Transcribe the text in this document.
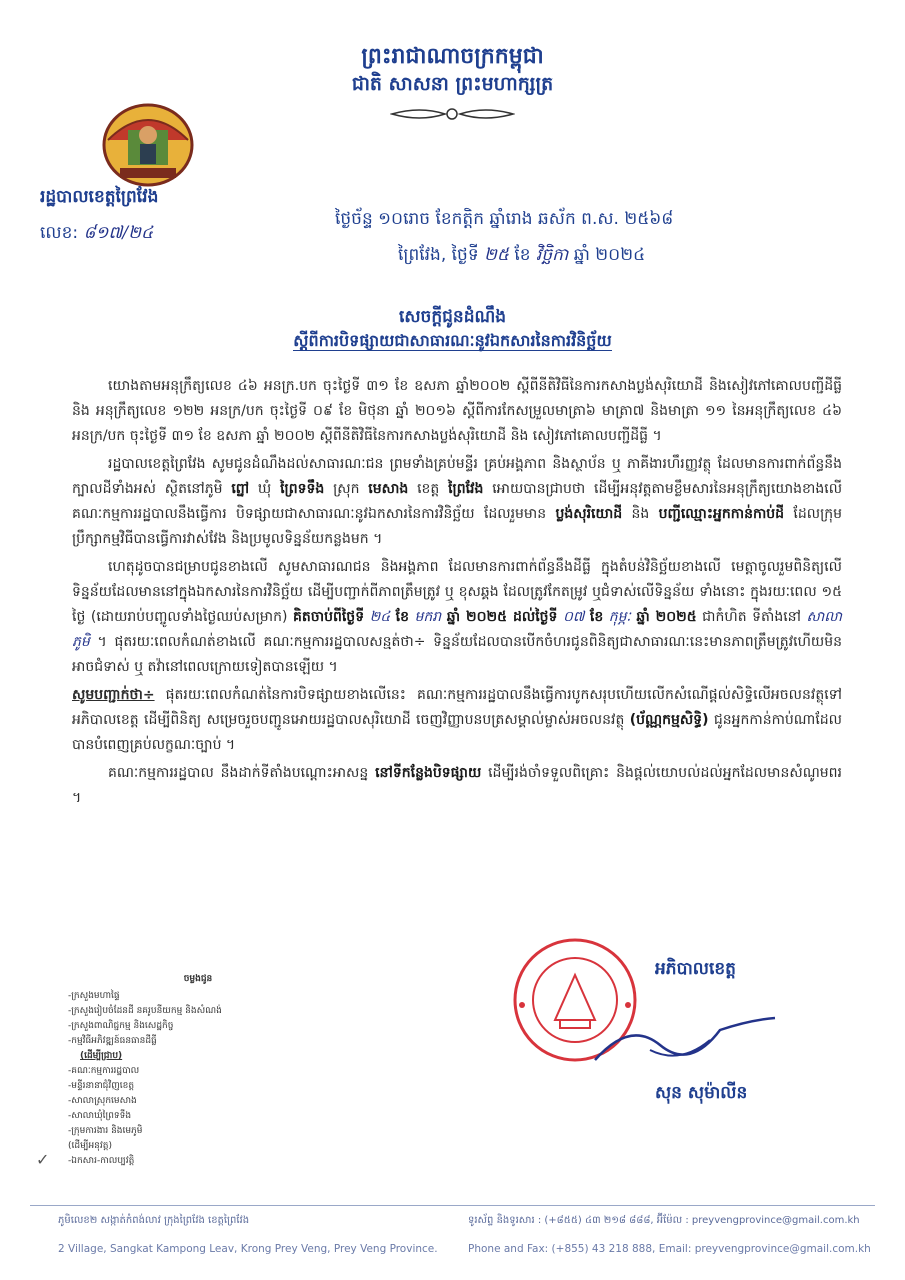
ព្រះរាជាណាចក្រកម្ពុជា
ជាតិ សាសនា ព្រះមហាក្សត្រ
រដ្ឋបាលខេត្តព្រៃវែង
លេខ: ៨១៧/២៤
ថ្ងៃច័ន្ទ ១០រោច ខែកត្តិក ឆ្នាំរោង ឆស័ក ព.ស. ២៥៦៨
ព្រៃវែង, ថ្ងៃទី ២៥ ខែ វិច្ឆិកា ឆ្នាំ ២០២៤
សេចក្តីជូនដំណឹង
ស្តីពីការបិទផ្សាយជាសាធារណៈនូវឯកសារនៃការវិនិច្ឆ័យ

យោងតាមអនុក្រឹត្យលេខ ៤៦ អនក្រ.បក ចុះថ្ងៃទី ៣១ ខែ ឧសភា ឆ្នាំ២០០២ ស្តីពីនីតិវិធីនៃការកសាងប្លង់សុរិយោដី និងសៀវភៅគោលបញ្ជីដីធ្លី និង អនុក្រឹត្យលេខ ១២២ អនក្រ/បក ចុះថ្ងៃទី ០៩ ខែ មិថុនា ឆ្នាំ ២០១៦ ស្តីពីការកែសម្រួលមាត្រា៦ មាត្រា៧ និងមាត្រា ១១ នៃអនុក្រឹត្យលេខ ៤៦ អនក្រ/បក ចុះថ្ងៃទី ៣១ ខែ ឧសភា ឆ្នាំ ២០០២ ស្តីពីនីតិវិធីនៃការកសាងប្លង់សុរិយោដី និង សៀវភៅគោលបញ្ជីដីធ្លី ។

រដ្ឋបាលខេត្តព្រៃវែង សូមជូនដំណឹងដល់សាធារណៈជន ព្រមទាំងគ្រប់មន្ទីរ គ្រប់អង្គភាព និងស្ថាប័ន ឬ ភាគីងារហឹរញ្ញវត្ថុ ដែលមានការពាក់ព័ន្ធនឹងក្បាលដីទាំងអស់ ស្ថិតនៅភូមិ ព្នៅ ឃុំ ព្រៃទទឹង ស្រុក មេសាង ខេត្ត ព្រៃវែង អោយបានជ្រាបថា ដើម្បីអនុវត្តតាមខ្លឹមសារនៃអនុក្រឹត្យយោងខាងលើ គណៈកម្មការរដ្ឋបាលនឹងធ្វើការ បិទផ្សាយជាសាធារណៈនូវឯកសារនៃការវិនិច្ឆ័យ ដែលរួមមាន ប្លង់សុរិយោដី និង បញ្ជីឈ្មោះអ្នកកាន់កាប់ដី ដែលក្រុមប្រឹក្សាកម្មវិធីបានធ្វើការវាស់វែង និងប្រមូលទិន្នន័យកន្លងមក ។

ហេតុដូចបានជម្រាបជូនខាងលើ សូមសាធារណជន និងអង្គភាព ដែលមានការពាក់ព័ន្ធនឹងដីធ្លី ក្នុងតំបន់វិនិច្ឆ័យខាងលើ មេត្តាចូលរួមពិនិត្យលើទិន្នន័យដែលមាននៅក្នុងឯកសារនៃការវិនិច្ឆ័យ ដើម្បីបញ្ជាក់ពីភាពត្រឹមត្រូវ ឬ ខុសឆ្គង ដែលត្រូវកែតម្រូវ ឬជំទាស់លើទិន្នន័យ ទាំងនោះ ក្នុងរយៈពេល ១៥ ថ្ងៃ (ដោយរាប់បញ្ចូលទាំងថ្ងៃឈប់សម្រាក) គិតចាប់ពីថ្ងៃទី ២៤ ខែ មករា ឆ្នាំ ២០២៥ ដល់ថ្ងៃទី ០៧ ខែ កុម្ភៈ ឆ្នាំ ២០២៥ ជាកំហិត ទីតាំងនៅ សាលាភូមិ ។ ផុតរយៈពេលកំណត់ខាងលើ គណៈកម្មការរដ្ឋបាលសន្មត់ថា÷ ទិន្នន័យដែលបានបើកចំហរជូនពិនិត្យជាសាធារណៈនេះមានភាពត្រឹមត្រូវហើយមិនអាចជំទាស់ ឬ តវ៉ានៅពេលក្រោយទៀតបានឡើយ ។

សូមបញ្ជាក់ថា÷ ផុតរយៈពេលកំណត់នៃការបិទផ្សាយខាងលើនេះ គណៈកម្មការរដ្ឋបាលនឹងធ្វើការបូកសរុបហើយលើកសំណើផ្តល់សិទ្ធិលើអចលនវត្ថុទៅអភិបាលខេត្ត ដើម្បីពិនិត្យ សម្រេចរួចបញ្ជូនអោយរដ្ឋបាលសុរិយោដី ចេញវិញ្ញាបនបត្រសម្គាល់ម្ចាស់អចលនវត្ថុ (ប័ណ្ណកម្មសិទ្ធិ) ជូនអ្នកកាន់កាប់ណាដែលបានបំពេញគ្រប់លក្ខណៈច្បាប់ ។

គណៈកម្មការរដ្ឋបាល នឹងដាក់ទីតាំងបណ្តោះអាសន្ន នៅទីកន្លែងបិទផ្សាយ ដើម្បីរង់ចាំទទួលពិគ្រោះ និងផ្តល់យោបល់ដល់អ្នកដែលមានសំណូមពរ ។

អភិបាលខេត្ត
សុន សុម៉ាលីន
ចម្លងជូន
-ក្រសួងមហាផ្ទៃ
-ក្រសួងរៀបចំដែនដី នគរូបនីយកម្ម និងសំណង់
-ក្រសួងពាណិជ្ជកម្ម និងសេដ្ឋកិច្ច
-កម្មវិធីអភិវឌ្ឍន៍ធនធានដីធ្លី
(ដើម្បីជ្រាប)
-គណៈកម្មការរដ្ឋបាល
-មន្ទីរនានាជុំវិញខេត្ត
-សាលាស្រុកមេសាង
-សាលាឃុំព្រៃទទឹង
-ក្រុមការងារ និងមេភូមិ
(ដើម្បីអនុវត្ត)
-ឯកសារ-កាលប្បវត្តិ
✓
ភូមិលេខ២ សង្កាត់កំពង់លាវ ក្រុងព្រៃវែង ខេត្តព្រៃវែង
2 Village, Sangkat Kampong Leav, Krong Prey Veng, Prey Veng Province.
ទូរស័ព្ទ និងទូរសារ : (+៨៥៥) ៤៣ ២១៨ ៨៨៨, អ៊ីម៉ែល : preyvengprovince@gmail.com.kh
Phone and Fax: (+855) 43 218 888, Email: preyvengprovince@gmail.com.kh
